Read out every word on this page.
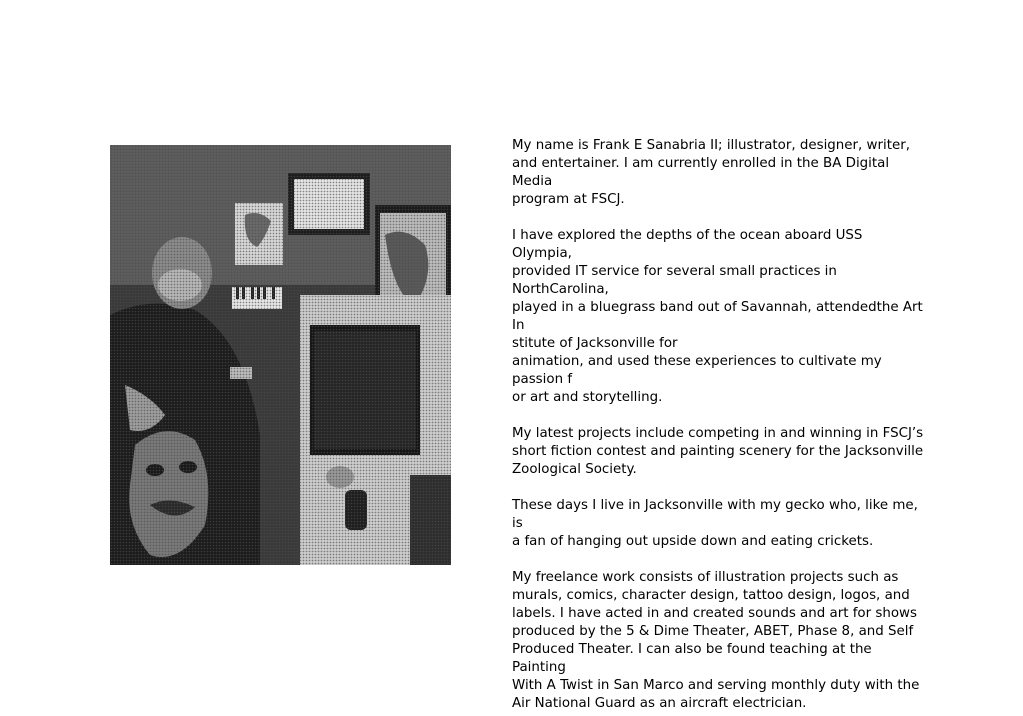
My name is Frank E Sanabria II; illustrator, designer, writer,
and entertainer. I am currently enrolled in the BA Digital Media
program at FSCJ.

I have explored the depths of the ocean aboard USS Olympia,
provided IT service for several small practices in NorthCarolina,
played in a bluegrass band out of Savannah, attendedthe Art In
stitute of Jacksonville for
animation, and used these experiences to cultivate my passion f
or art and storytelling.

My latest projects include competing in and winning in FSCJ’s
short fiction contest and painting scenery for the Jacksonville
Zoological Society.

These days I live in Jacksonville with my gecko who, like me, is
a fan of hanging out upside down and eating crickets.

My freelance work consists of illustration projects such as
murals, comics, character design, tattoo design, logos, and
labels. I have acted in and created sounds and art for shows
produced by the 5 & Dime Theater, ABET, Phase 8, and Self
Produced Theater. I can also be found teaching at the Painting
With A Twist in San Marco and serving monthly duty with the
Air National Guard as an aircraft electrician.
